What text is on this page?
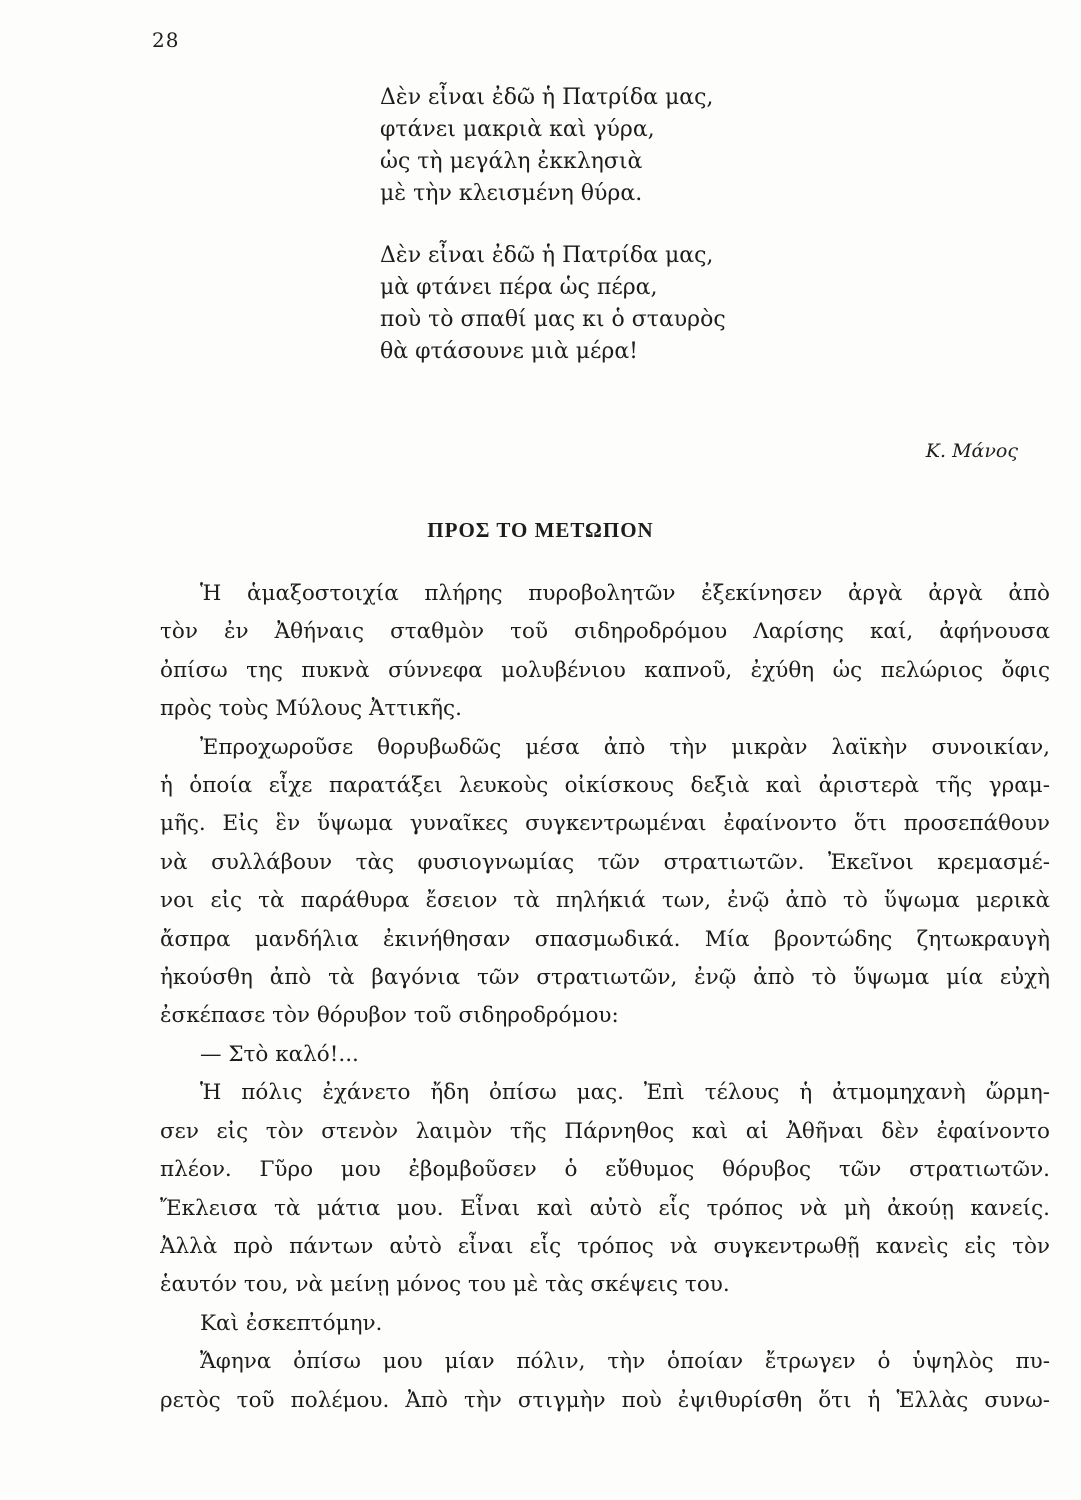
28
Δὲν εἶναι ἐδῶ ἡ Πατρίδα μας,
φτάνει μακριὰ καὶ γύρα,
ὡς τὴ μεγάλη ἐκκλησιὰ
μὲ τὴν κλεισμένη θύρα.
Δὲν εἶναι ἐδῶ ἡ Πατρίδα μας,
μὰ φτάνει πέρα ὡς πέρα,
ποὺ τὸ σπαθί μας κι ὁ σταυρὸς
θὰ φτάσουνε μιὰ μέρα!
Κ. Μάνος
ΠΡΟΣ ΤΟ ΜΕΤΩΠΟΝ
Ἡ ἁμαξοστοιχία πλήρης πυροβολητῶν ἐξεκίνησεν ἀργὰ ἀργὰ ἀπὸ
τὸν ἐν Ἀθήναις σταθμὸν τοῦ σιδηροδρόμου Λαρίσης καί, ἀφήνουσα
ὀπίσω της πυκνὰ σύννεφα μολυβένιου καπνοῦ, ἐχύθη ὡς πελώριος ὄφις
πρὸς τοὺς Μύλους Ἀττικῆς.
Ἐπροχωροῦσε θορυβωδῶς μέσα ἀπὸ τὴν μικρὰν λαϊκὴν συνοικίαν,
ἡ ὁποία εἶχε παρατάξει λευκοὺς οἰκίσκους δεξιὰ καὶ ἀριστερὰ τῆς γραμ-
μῆς. Εἰς ἓν ὕψωμα γυναῖκες συγκεντρωμέναι ἐφαίνοντο ὅτι προσεπάθουν
νὰ συλλάβουν τὰς φυσιογνωμίας τῶν στρατιωτῶν. Ἐκεῖνοι κρεμασμέ-
νοι εἰς τὰ παράθυρα ἔσειον τὰ πηλήκιά των, ἐνῷ ἀπὸ τὸ ὕψωμα μερικὰ
ἄσπρα μανδήλια ἐκινήθησαν σπασμωδικά. Μία βροντώδης ζητωκραυγὴ
ἠκούσθη ἀπὸ τὰ βαγόνια τῶν στρατιωτῶν, ἐνῷ ἀπὸ τὸ ὕψωμα μία εὐχὴ
ἐσκέπασε τὸν θόρυβον τοῦ σιδηροδρόμου:
— Στὸ καλό!...
Ἡ πόλις ἐχάνετο ἤδη ὀπίσω μας. Ἐπὶ τέλους ἡ ἀτμομηχανὴ ὥρμη-
σεν εἰς τὸν στενὸν λαιμὸν τῆς Πάρνηθος καὶ αἱ Ἀθῆναι δὲν ἐφαίνοντο
πλέον. Γῦρο μου ἐβομβοῦσεν ὁ εὔθυμος θόρυβος τῶν στρατιωτῶν.
Ἔκλεισα τὰ μάτια μου. Εἶναι καὶ αὐτὸ εἷς τρόπος νὰ μὴ ἀκούῃ κανείς.
Ἀλλὰ πρὸ πάντων αὐτὸ εἶναι εἷς τρόπος νὰ συγκεντρωθῇ κανεὶς εἰς τὸν
ἑαυτόν του, νὰ μείνῃ μόνος του μὲ τὰς σκέψεις του.
Καὶ ἐσκεπτόμην.
Ἄφηνα ὀπίσω μου μίαν πόλιν, τὴν ὁποίαν ἔτρωγεν ὁ ὑψηλὸς πυ-
ρετὸς τοῦ πολέμου. Ἀπὸ τὴν στιγμὴν ποὺ ἐψιθυρίσθη ὅτι ἡ Ἑλλὰς συνω-
